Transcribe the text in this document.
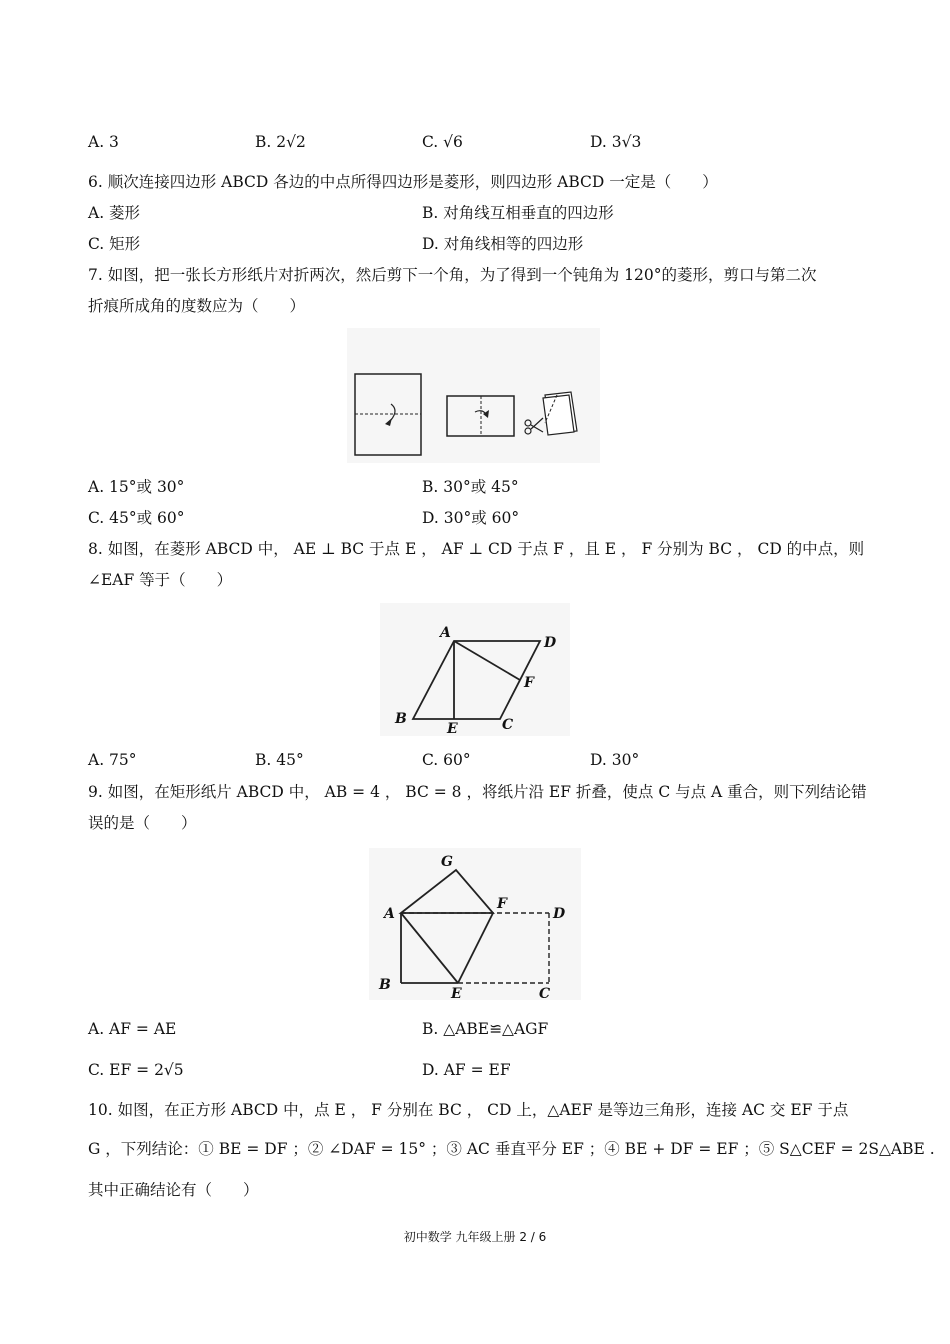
A. 3	B. 2√2	C. √6	D. 3√3
6. 顺次连接四边形 ABCD 各边的中点所得四边形是菱形，则四边形 ABCD 一定是（　　）
A. 菱形	B. 对角线互相垂直的四边形
C. 矩形	D. 对角线相等的四边形
7. 如图，把一张长方形纸片对折两次，然后剪下一个角，为了得到一个钝角为 120°的菱形，剪口与第二次
折痕所成角的度数应为（　　）
A. 15°或 30°	B. 30°或 45°
C. 45°或 60°	D. 30°或 60°
8. 如图，在菱形 ABCD 中， AE ⊥ BC 于点 E ， AF ⊥ CD 于点 F ，且 E ， F 分别为 BC ， CD 的中点，则
∠EAF 等于（　　）
A
D
F
B
E	C
A. 75°	B. 45°	C. 60°	D. 30°
9. 如图，在矩形纸片 ABCD 中， AB = 4 ， BC = 8 ，将纸片沿 EF 折叠，使点 C 与点 A 重合，则下列结论错
误的是（　　）
G
A
F
D
B
E	C
A. AF = AE	B. △ABE≌△AGF
C. EF = 2√5	D. AF = EF
10. 如图，在正方形 ABCD 中，点 E ， F 分别在 BC ， CD 上，△AEF 是等边三角形，连接 AC 交 EF 于点
G ，下列结论：① BE = DF ；② ∠DAF = 15° ；③ AC 垂直平分 EF ；④ BE + DF = EF ；⑤ S△CEF = 2S△ABE .
其中正确结论有（　　）
初中数学 九年级上册 2 / 6
